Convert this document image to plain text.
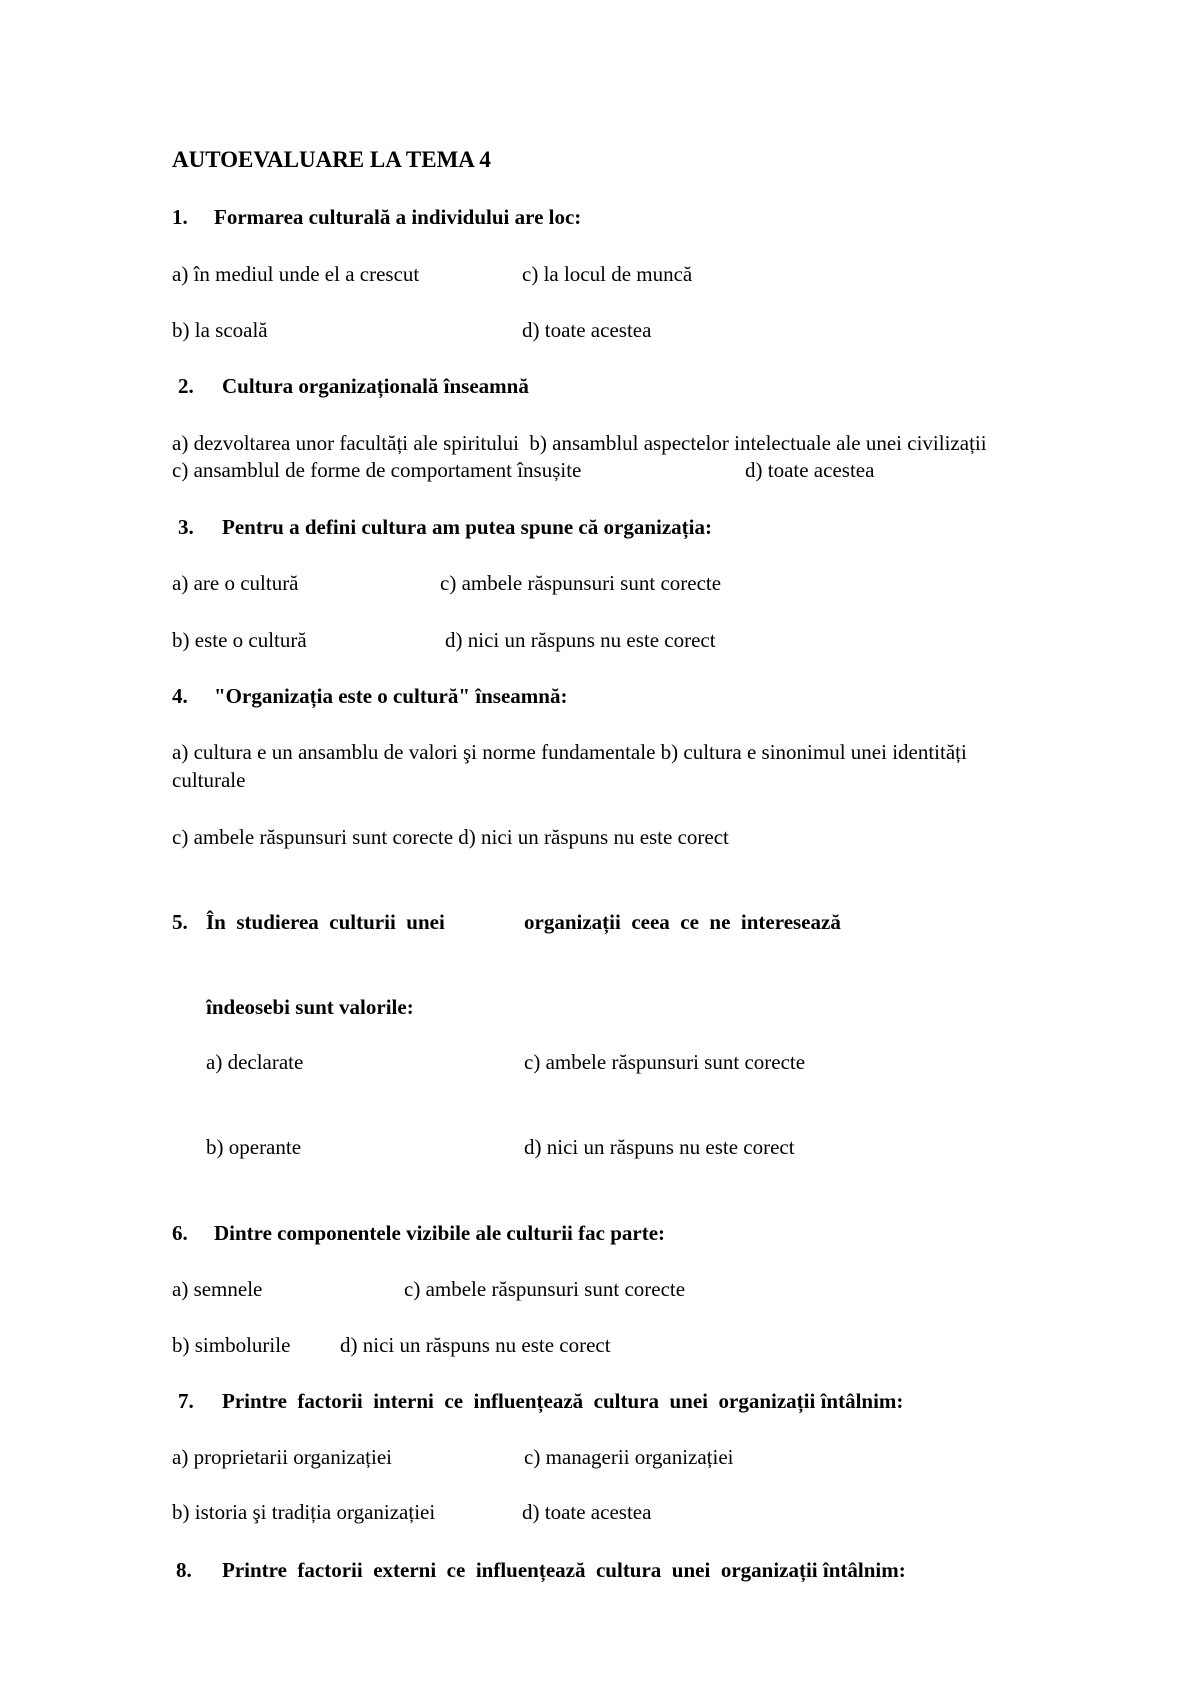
AUTOEVALUARE LA TEMA 4
1. Formarea culturală a individului are loc:
a) în mediul unde el a crescut	c) la locul de muncă
b) la scoală	d) toate acestea
2. Cultura organizațională înseamnă
a) dezvoltarea unor facultăți ale spiritului  b) ansamblul aspectelor intelectuale ale unei civilizații
c) ansamblul de forme de comportament însușite	d) toate acestea
3. Pentru a defini cultura am putea spune că organizația:
a) are o cultură	c) ambele răspunsuri sunt corecte
b) este o cultură	d) nici un răspuns nu este corect
4. "Organizația este o cultură" înseamnă:
a) cultura e un ansamblu de valori şi norme fundamentale b) cultura e sinonimul unei identități
culturale
c) ambele răspunsuri sunt corecte d) nici un răspuns nu este corect
5. În  studierea  culturii  unei	organizații  ceea  ce  ne  interesează
îndeosebi sunt valorile:
a) declarate	c) ambele răspunsuri sunt corecte
b) operante	d) nici un răspuns nu este corect
6. Dintre componentele vizibile ale culturii fac parte:
a) semnele	c) ambele răspunsuri sunt corecte
b) simbolurile d) nici un răspuns nu este corect
7. Printre  factorii  interni  ce  influențează  cultura  unei  organizații întâlnim:
a) proprietarii organizației	c) managerii organizației
b) istoria şi tradiția organizației	d) toate acestea
8. Printre  factorii  externi  ce  influențează  cultura  unei  organizații întâlnim:
